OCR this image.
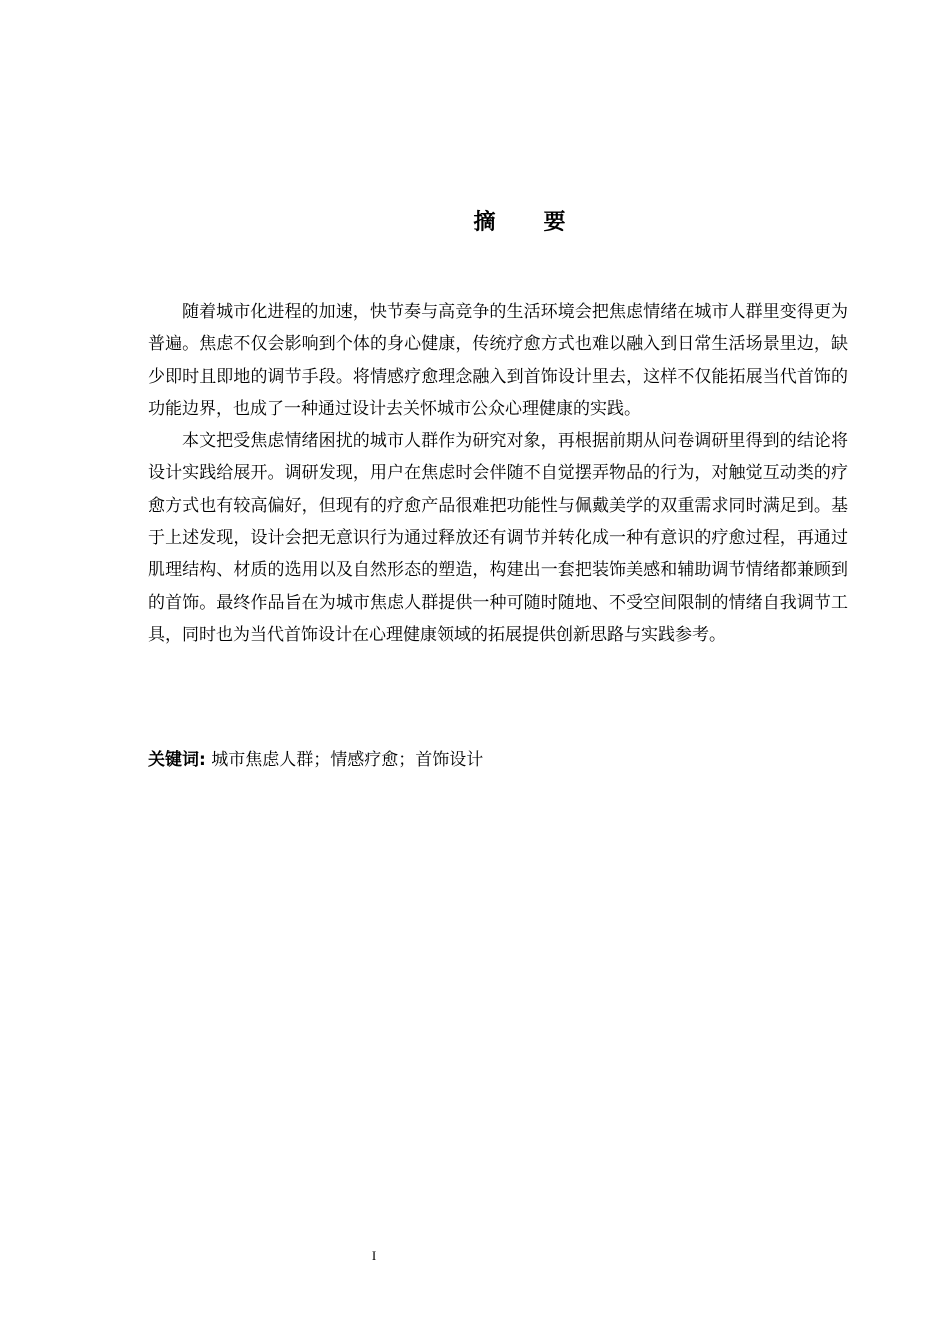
摘 要

随着城市化进程的加速，快节奏与高竞争的生活环境会把焦虑情绪在城市人群里变得更为普遍。焦虑不仅会影响到个体的身心健康，传统疗愈方式也难以融入到日常生活场景里边，缺少即时且即地的调节手段。将情感疗愈理念融入到首饰设计里去，这样不仅能拓展当代首饰的功能边界，也成了一种通过设计去关怀城市公众心理健康的实践。

本文把受焦虑情绪困扰的城市人群作为研究对象，再根据前期从问卷调研里得到的结论将设计实践给展开。调研发现，用户在焦虑时会伴随不自觉摆弄物品的行为，对触觉互动类的疗愈方式也有较高偏好，但现有的疗愈产品很难把功能性与佩戴美学的双重需求同时满足到。基于上述发现，设计会把无意识行为通过释放还有调节并转化成一种有意识的疗愈过程，再通过肌理结构、材质的选用以及自然形态的塑造，构建出一套把装饰美感和辅助调节情绪都兼顾到的首饰。最终作品旨在为城市焦虑人群提供一种可随时随地、不受空间限制的情绪自我调节工具，同时也为当代首饰设计在心理健康领域的拓展提供创新思路与实践参考。

关键词: 城市焦虑人群；情感疗愈；首饰设计
I
